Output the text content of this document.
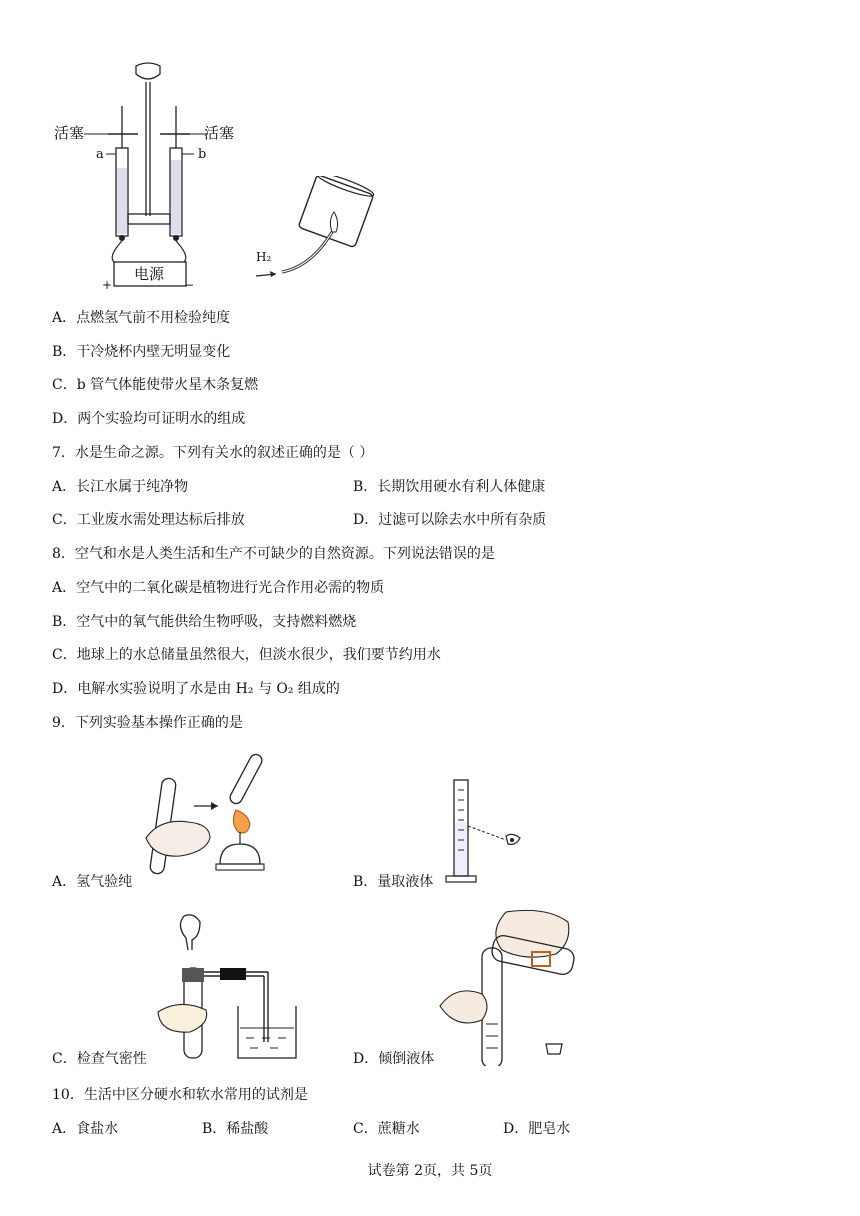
活塞	活塞
a	b
电源
+	−
H₂
A．点燃氢气前不用检验纯度
B．干冷烧杯内壁无明显变化
C．b 管气体能使带火星木条复燃
D．两个实验均可证明水的组成
7．水是生命之源。下列有关水的叙述正确的是（ ）
A．长江水属于纯净物	B．长期饮用硬水有利人体健康
C．工业废水需处理达标后排放	D．过滤可以除去水中所有杂质
8．空气和水是人类生活和生产不可缺少的自然资源。下列说法错误的是
A．空气中的二氧化碳是植物进行光合作用必需的物质
B．空气中的氧气能供给生物呼吸，支持燃料燃烧
C．地球上的水总储量虽然很大，但淡水很少，我们要节约用水
D．电解水实验说明了水是由 H₂ 与 O₂ 组成的
9．下列实验基本操作正确的是
A．氢气验纯	B．量取液体
C．检查气密性	D．倾倒液体
10．生活中区分硬水和软水常用的试剂是
A．食盐水	B．稀盐酸	C．蔗糖水	D．肥皂水
试卷第 2页，共 5页
